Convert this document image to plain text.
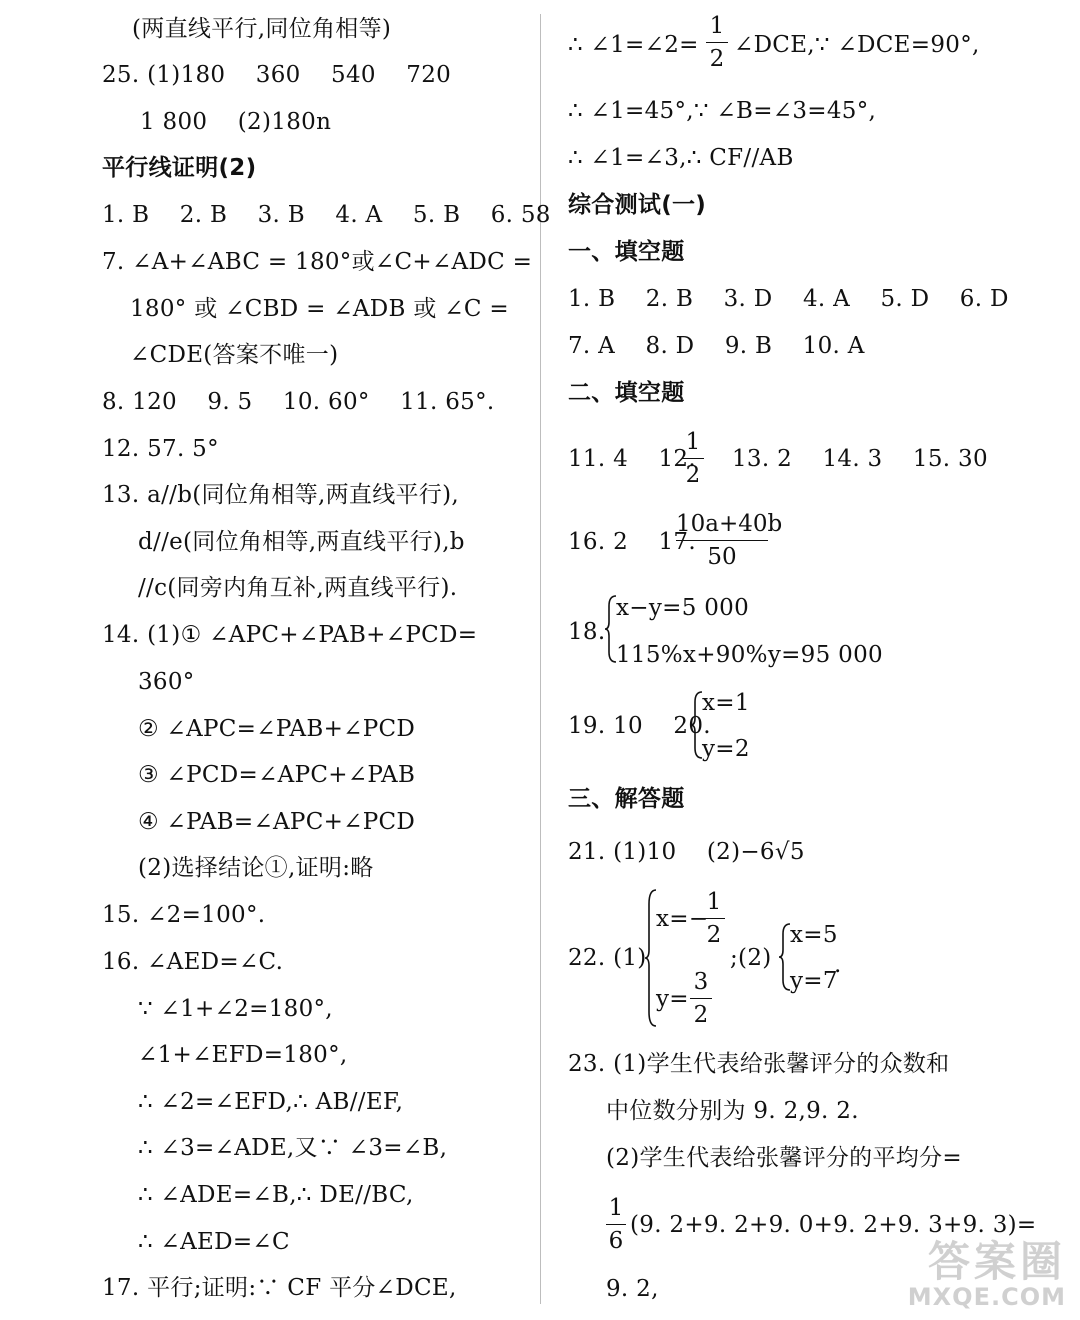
(两直线平行,同位角相等)
25. (1)180    360    540    720
1 800    (2)180n
平行线证明(2)
1. B    2. B    3. B    4. A    5. B    6. 58
7. ∠A+∠ABC = 180°或∠C+∠ADC =
180° 或 ∠CBD = ∠ADB 或 ∠C =
∠CDE(答案不唯一)
8. 120    9. 5    10. 60°    11. 65°.
12. 57. 5°
13. a//b(同位角相等,两直线平行),
d//e(同位角相等,两直线平行),b
//c(同旁内角互补,两直线平行).
14. (1)① ∠APC+∠PAB+∠PCD=
360°
② ∠APC=∠PAB+∠PCD
③ ∠PCD=∠APC+∠PAB
④ ∠PAB=∠APC+∠PCD
(2)选择结论①,证明:略
15. ∠2=100°.
16. ∠AED=∠C.
∵ ∠1+∠2=180°,
∠1+∠EFD=180°,
∴ ∠2=∠EFD,∴ AB//EF,
∴ ∠3=∠ADE,又∵ ∠3=∠B,
∴ ∠ADE=∠B,∴ DE//BC,
∴ ∠AED=∠C
17. 平行;证明:∵ CF 平分∠DCE,
∴ ∠1=∠2=
1
2
∠DCE,∵ ∠DCE=90°,
∴ ∠1=45°,∵ ∠B=∠3=45°,
∴ ∠1=∠3,∴ CF//AB
综合测试(一)
一、填空题
1. B    2. B    3. D    4. A    5. D    6. D
7. A    8. D    9. B    10. A
二、填空题
11. 4    12.
1
2
13. 2    14. 3    15. 30
16. 2    17.
10a+40b
50
18.
x−y=5 000
115%x+90%y=95 000
19. 10    20.
x=1
y=2
三、解答题
21. (1)10    (2)−6√5
22. (1)
x=−
1
2
y=
3
2
;(2)
x=5
y=7
.
23. (1)学生代表给张馨评分的众数和
中位数分别为 9. 2,9. 2.
(2)学生代表给张馨评分的平均分=
1
6
(9. 2+9. 2+9. 0+9. 2+9. 3+9. 3)=
9. 2,
答案圈
MXQE.COM
